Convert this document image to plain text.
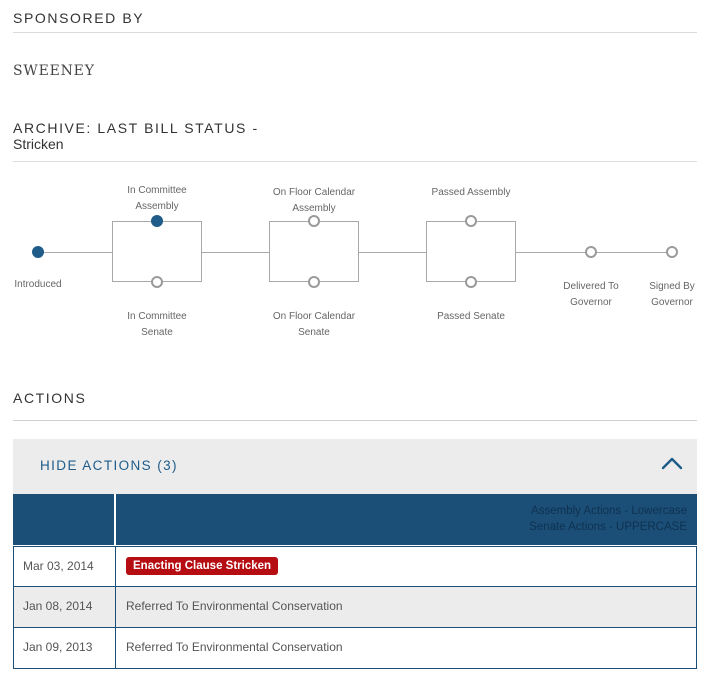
SPONSORED BY
SWEENEY
ARCHIVE: LAST BILL STATUS -
Stricken
Introduced
In Committee
Assembly
In Committee
Senate
On Floor Calendar
Assembly
On Floor Calendar
Senate
Passed Assembly
Passed Senate
Delivered To
Governor
Signed By
Governor
ACTIONS
HIDE ACTIONS (3)
Assembly Actions - Lowercase
Senate Actions - UPPERCASE
Mar 03, 2014	Enacting Clause Stricken
Jan 08, 2014	Referred To Environmental Conservation
Jan 09, 2013	Referred To Environmental Conservation
